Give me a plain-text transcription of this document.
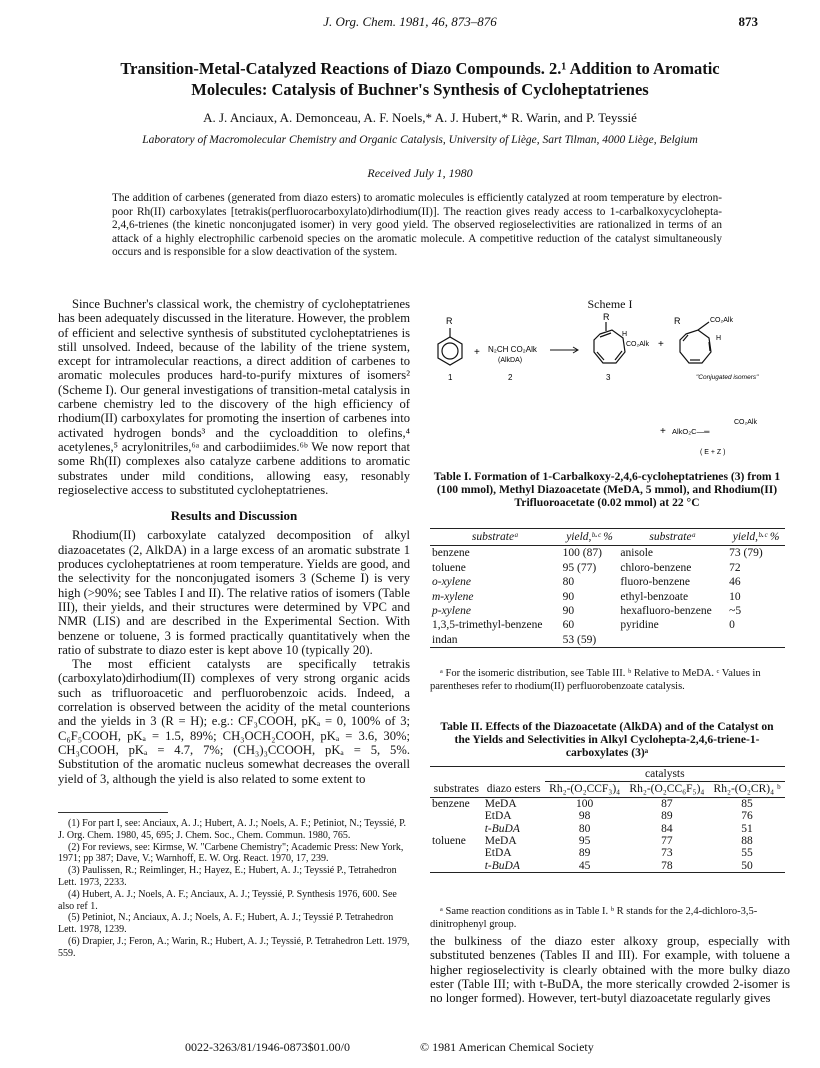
J. Org. Chem. 1981, 46, 873–876	873
Transition-Metal-Catalyzed Reactions of Diazo Compounds. 2.¹ Addition to Aromatic Molecules: Catalysis of Buchner's Synthesis of Cycloheptatrienes
A. J. Anciaux, A. Demonceau, A. F. Noels,* A. J. Hubert,* R. Warin, and P. Teyssié
Laboratory of Macromolecular Chemistry and Organic Catalysis, University of Liège, Sart Tilman, 4000 Liège, Belgium
Received July 1, 1980
The addition of carbenes (generated from diazo esters) to aromatic molecules is efficiently catalyzed at room temperature by electron-poor Rh(II) carboxylates [tetrakis(perfluorocarboxylato)dirhodium(II)]. The reaction gives ready access to 1-carbalkoxycyclohepta-2,4,6-trienes (the kinetic nonconjugated isomer) in very good yield. The observed regioselectivities are rationalized in terms of an attack of a highly electrophilic carbenoid species on the aromatic molecule. A competitive reduction of the catalyst simultaneously occurs and is responsible for a slow deactivation of the system.

Since Buchner's classical work, the chemistry of cycloheptatrienes has been adequately discussed in the literature. However, the problem of efficient and selective synthesis of substituted cycloheptatrienes is still unsolved. Indeed, because of the lability of the triene system, except for intramolecular reactions, a direct addition of carbenes to aromatic molecules produces hard-to-purify mixtures of isomers² (Scheme I). Our general investigations of transition-metal catalysis in carbene chemistry led to the discovery of the high efficiency of rhodium(II) carboxylates for promoting the insertion of carbenes into activated hydrogen bonds³ and the cycloaddition to olefins,⁴ acetylenes,⁵ acrylonitriles,⁶ᵃ and carbodiimides.⁶ᵇ We now report that some Rh(II) complexes also catalyze carbene additions to aromatic substrates under mild conditions, allowing easy, resonably regioselective access to substituted cycloheptatrienes.

Results and Discussion

Rhodium(II) carboxylate catalyzed decomposition of alkyl diazoacetates (2, AlkDA) in a large excess of an aromatic substrate 1 produces cycloheptatrienes at room temperature. Yields are good, and the selectivity for the nonconjugated isomers 3 (Scheme I) is very high (>90%; see Tables I and II). The relative ratios of isomers (Table III), their yields, and their structures were determined by VPC and NMR (LIS) and are described in the Experimental Section. With benzene or toluene, 3 is formed practically quantitatively when the ratio of substrate to diazo ester is kept above 10 (typically 20).

The most efficient catalysts are specifically tetrakis (carboxylato)dirhodium(II) complexes of very strong organic acids such as trifluoroacetic and perfluorobenzoic acids. Indeed, a correlation is observed between the acidity of the metal counterions and the yields in 3 (R = H); e.g.: CF₃COOH, pKₐ = 0, 100% of 3; C₆F₅COOH, pKₐ = 1.5, 89%; CH₃OCH₂COOH, pKₐ = 3.6, 30%; CH₃COOH, pKₐ = 4.7, 7%; (CH₃)₃CCOOH, pKₐ = 5, 5%. Substitution of the aromatic nucleus somewhat decreases the overall yield of 3, although the yield is also related to some extent to

(1) For part I, see: Anciaux, A. J.; Hubert, A. J.; Noels, A. F.; Petiniot, N.; Teyssié, P. J. Org. Chem. 1980, 45, 695; J. Chem. Soc., Chem. Commun. 1980, 765.

(2) For reviews, see: Kirmse, W. "Carbene Chemistry"; Academic Press: New York, 1971; pp 387; Dave, V.; Warnhoff, E. W. Org. React. 1970, 17, 239.

(3) Paulissen, R.; Reimlinger, H.; Hayez, E.; Hubert, A. J.; Teyssié P., Tetrahedron Lett. 1973, 2233.

(4) Hubert, A. J.; Noels, A. F.; Anciaux, A. J.; Teyssié, P. Synthesis 1976, 600. See also ref 1.

(5) Petiniot, N.; Anciaux, A. J.; Noels, A. F.; Hubert, A. J.; Teyssié P. Tetrahedron Lett. 1978, 1239.

(6) Drapier, J.; Feron, A.; Warin, R.; Hubert, A. J.; Teyssié, P. Tetrahedron Lett. 1979, 559.

Scheme I
R
+ N₂CH CO₂Alk
(AlkDA)
1	2
R
H
CO₂Alk +
3
R	CO₂Alk
H
"Conjugated isomers"
+ AlkO₂C—═
CO₂Alk
( E + Z )
Table I. Formation of 1-Carbalkoxy-2,4,6-cycloheptatrienes (3) from 1 (100 mmol), Methyl Diazoacetate (MeDA, 5 mmol), and Rhodium(II) Trifluoroacetate (0.02 mmol) at 22 °C
substrateᵃ	yield,ᵇ·ᶜ %	substrateᵃ	yield,ᵇ·ᶜ %
benzene	100 (87)	anisole	73 (79)
toluene	95 (77)	chloro-benzene	72
o-xylene	80	fluoro-benzene	46
m-xylene	90	ethyl-benzoate	10
p-xylene	90	hexafluoro-benzene	~5
1,3,5-trimethyl-benzene	60	pyridine	0
indan	53 (59)		
ᵃ For the isomeric distribution, see Table III. ᵇ Relative to MeDA. ᶜ Values in parentheses refer to rhodium(II) perfluorobenzoate catalysis.
Table II. Effects of the Diazoacetate (AlkDA) and of the Catalyst on the Yields and Selectivities in Alkyl Cyclohepta-2,4,6-triene-1-carboxylates (3)ᵃ
		catalysts		
substrates	diazo esters	Rh₂-(O₂CCF₃)₄	Rh₂-(O₂CC₆F₅)₄	Rh₂-(O₂CR)₄ ᵇ
benzene	MeDA	100	87	85
	EtDA	98	89	76
	t-BuDA	80	84	51
toluene	MeDA	95	77	88
	EtDA	89	73	55
	t-BuDA	45	78	50
ᵃ Same reaction conditions as in Table I. ᵇ R stands for the 2,4-dichloro-3,5-dinitrophenyl group.
the bulkiness of the diazo ester alkoxy group, especially with substituted benzenes (Tables II and III). For example, with toluene a higher regioselectivity is clearly obtained with the more bulky diazo ester (Table III; with t-BuDA, the more sterically crowded 2-isomer is no longer formed). However, tert-butyl diazoacetate regularly gives
0022-3263/81/1946-0873$01.00/0	© 1981 American Chemical Society
